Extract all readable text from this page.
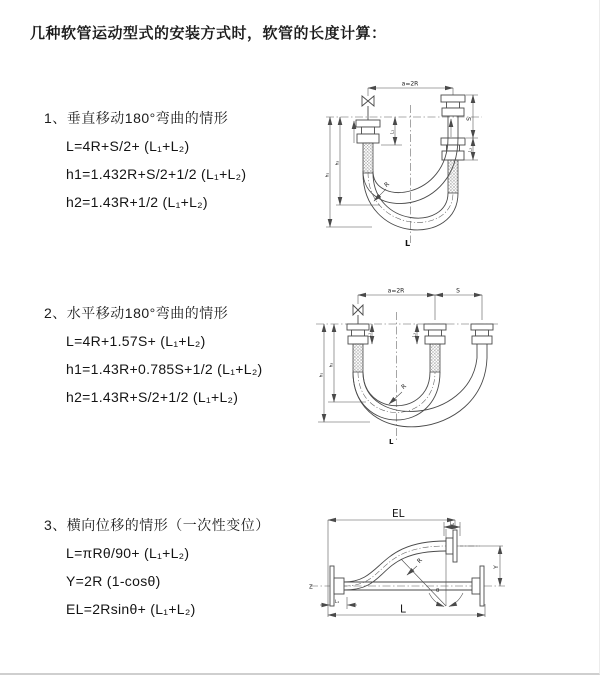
几种软管运动型式的安装方式时，软管的长度计算：
1、垂直移动180°弯曲的情形
L=4R+S/2+ (L₁+L₂)
h1=1.432R+S/2+1/2 (L₁+L₂)
h2=1.43R+1/2 (L₁+L₂)
2、水平移动180°弯曲的情形
L=4R+1.57S+ (L₁+L₂)
h1=1.43R+0.785S+1/2 (L₁+L₂)
h2=1.43R+S/2+1/2 (L₁+L₂)
3、横向位移的情形（一次性变位）
L=πRθ/90+ (L₁+L₂)
Y=2R (1-cosθ)
EL=2Rsinθ+ (L₁+L₂)
a=2R
S
L₂
h₁
h₂
L₁
R
L
a=2R	S
h₁
h₂
L₁	L₂
R
L
EL
L₂
Y
L
L₁
Z
θ
R
